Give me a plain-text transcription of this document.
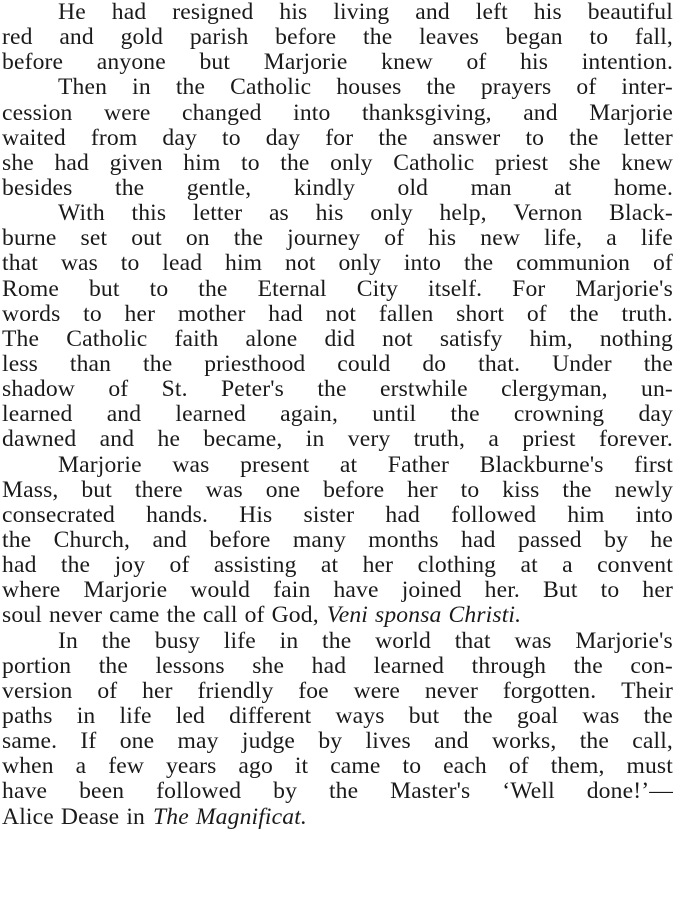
He had resigned his living and left his beautiful
red and gold parish before the leaves began to fall,
before anyone but Marjorie knew of his intention.
Then in the Catholic houses the prayers of inter-
cession were changed into thanksgiving, and Marjorie
waited from day to day for the answer to the letter
she had given him to the only Catholic priest she knew
besides the gentle, kindly old man at home.
With this letter as his only help, Vernon Black-
burne set out on the journey of his new life, a life
that was to lead him not only into the communion of
Rome but to the Eternal City itself. For Marjorie's
words to her mother had not fallen short of the truth.
The Catholic faith alone did not satisfy him, nothing
less than the priesthood could do that. Under the
shadow of St. Peter's the erstwhile clergyman, un-
learned and learned again, until the crowning day
dawned and he became, in very truth, a priest forever.
Marjorie was present at Father Blackburne's first
Mass, but there was one before her to kiss the newly
consecrated hands. His sister had followed him into
the Church, and before many months had passed by he
had the joy of assisting at her clothing at a convent
where Marjorie would fain have joined her. But to her
soul never came the call of God, Veni sponsa Christi.
In the busy life in the world that was Marjorie's
portion the lessons she had learned through the con-
version of her friendly foe were never forgotten. Their
paths in life led different ways but the goal was the
same. If one may judge by lives and works, the call,
when a few years ago it came to each of them, must
have been followed by the Master's ‘Well done!’—
Alice Dease in The Magnificat.
